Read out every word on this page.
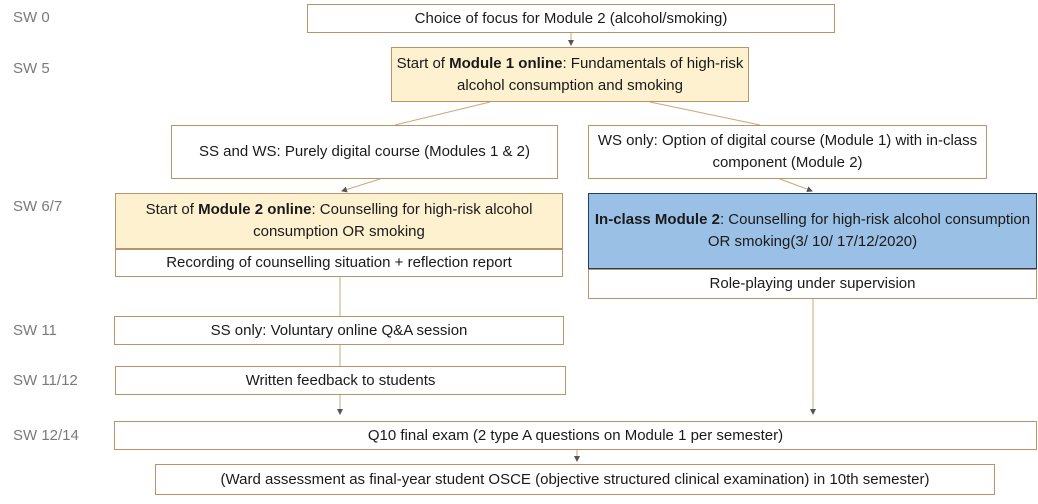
SW 0
SW 5
SW 6/7
SW 11
SW 11/12
SW 12/14
Choice of focus for Module 2 (alcohol/smoking)
Start of Module 1 online: Fundamentals of high-risk alcohol consumption and smoking
SS and WS: Purely digital course (Modules 1 & 2)
WS only: Option of digital course (Module 1) with in-class component (Module 2)
Start of Module 2 online: Counselling for high-risk alcohol consumption OR smoking
Recording of counselling situation + reflection report
In-class Module 2: Counselling for high-risk alcohol consumption OR smoking(3/ 10/ 17/12/2020)
Role-playing under supervision
SS only: Voluntary online Q&A session
Written feedback to students
Q10 final exam (2 type A questions on Module 1 per semester)
(Ward assessment as final-year student OSCE (objective structured clinical examination) in 10th semester)
